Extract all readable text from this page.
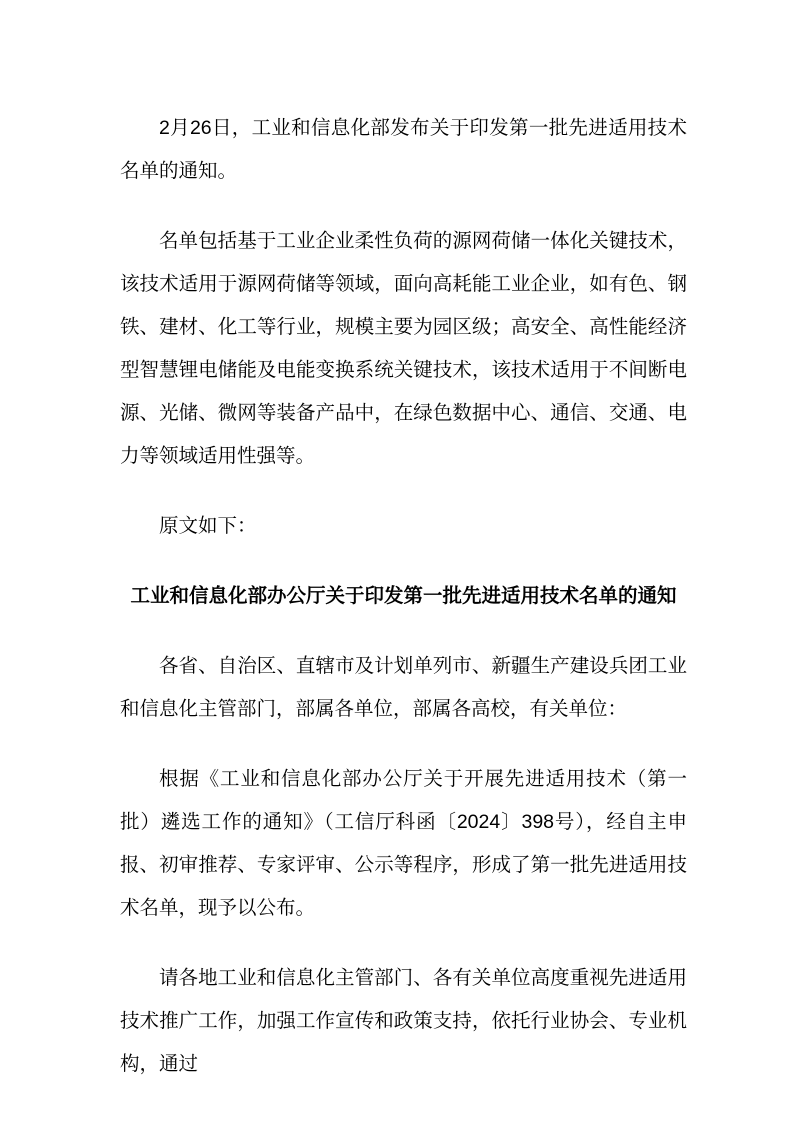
2月26日，工业和信息化部发布关于印发第一批先进适用技术名单的通知。

名单包括基于工业企业柔性负荷的源网荷储一体化关键技术，该技术适用于源网荷储等领域，面向高耗能工业企业，如有色、钢铁、建材、化工等行业，规模主要为园区级；高安全、高性能经济型智慧锂电储能及电能变换系统关键技术，该技术适用于不间断电源、光储、微网等装备产品中，在绿色数据中心、通信、交通、电力等领域适用性强等。

原文如下：

工业和信息化部办公厅关于印发第一批先进适用技术名单的通知

各省、自治区、直辖市及计划单列市、新疆生产建设兵团工业和信息化主管部门，部属各单位，部属各高校，有关单位：

根据《工业和信息化部办公厅关于开展先进适用技术（第一批）遴选工作的通知》（工信厅科函〔2024〕398号），经自主申报、初审推荐、专家评审、公示等程序，形成了第一批先进适用技术名单，现予以公布。

请各地工业和信息化主管部门、各有关单位高度重视先进适用技术推广工作，加强工作宣传和政策支持，依托行业协会、专业机构，通过
